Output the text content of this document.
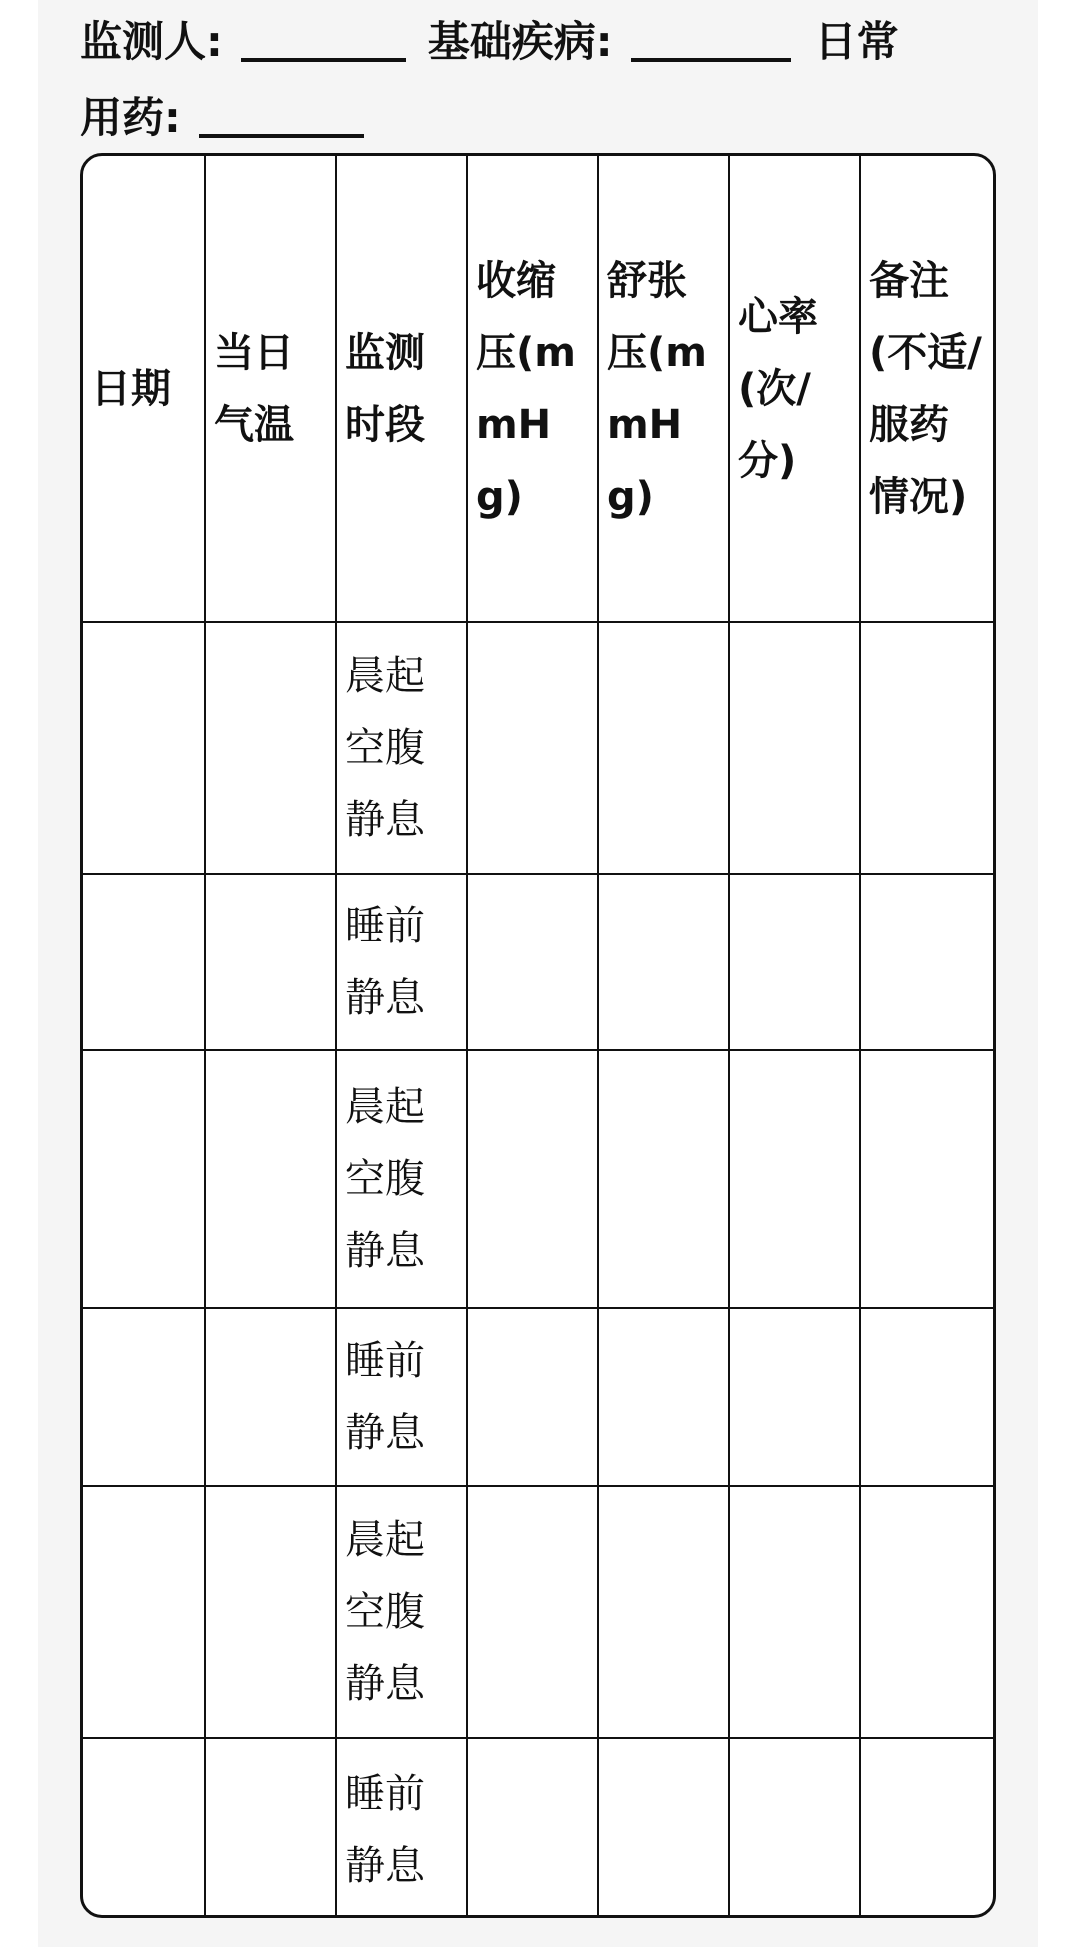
监测人:	基础疾病:	日常
用药:
日期	当日气温	监测时段	收缩压(mmHg)	舒张压(mmHg)	心率(次/分)	备注(不适/服药情况)
		晨起空腹静息				
		睡前静息				
		晨起空腹静息				
		睡前静息				
		晨起空腹静息				
		睡前静息				
